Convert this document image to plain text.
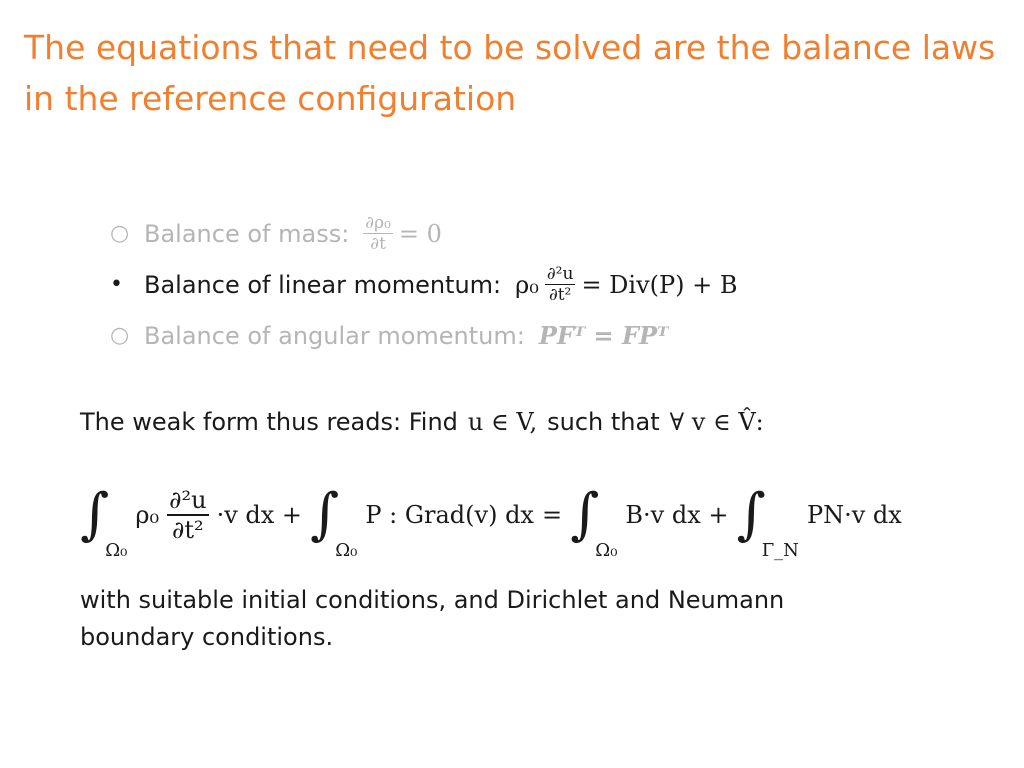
The equations that need to be solved are the balance laws in the reference configuration
○ Balance of mass: $\frac{\text{∂ρ₀}}{\partial t} = 0$
• Balance of linear momentum: $\rho_0 \frac{\text{∂²u}}{\text{∂t²}} = Div(P) + B$
○ Balance of angular momentum: PFᵀ = FPᵀ
The weak form thus reads: Find u ∈ V, such that ∀ v ∈ V̂:
∫
Ω₀
$\rho_0 \frac{\text{∂²u}}{\text{∂t²}} \cdot v$ dx + ∫
Ω₀
P : Grad(v) dx = ∫
Ω₀
B·v dx + ∫
Γ_N
PN·v dx

with suitable initial conditions, and Dirichlet and Neumann boundary conditions.
